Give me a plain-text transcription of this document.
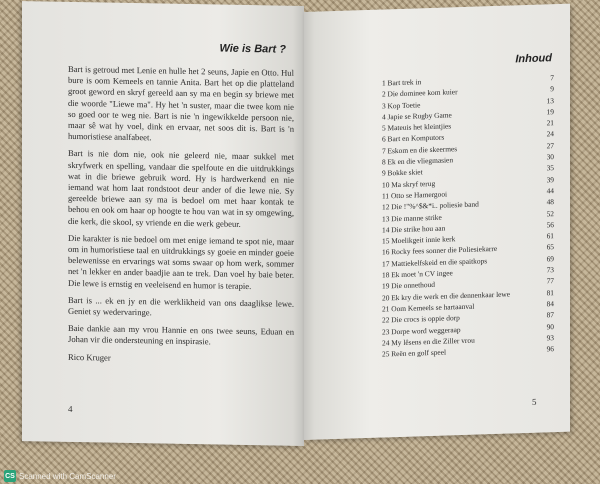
Wie is Bart ?

Bart is getroud met Lenie en hulle het 2 seuns, Japie en Otto. Hul bure is oom Kemeels en tannie Anita. Bart het op die platteland groot geword en skryf gereeld aan sy ma en begin sy briewe met die woorde "Liewe ma". Hy het 'n suster, maar die twee kom nie so goed oor te weg nie. Bart is nie 'n ingewikkelde persoon nie, maar sê wat hy voel, dink en ervaar, net soos dit is. Bart is 'n humoristiese analfabeet.

Bart is nie dom nie, ook nie geleerd nie, maar sukkel met skryfwerk en spelling, vandaar die spelfoute en die uitdrukkings wat in die briewe gebruik word. Hy is hardwerkend en nie iemand wat hom laat rondstoot deur ander of die lewe nie. Sy gereelde briewe aan sy ma is bedoel om met haar kontak te behou en ook om haar op hoogte te hou van wat in sy omgewing, die kerk, die skool, sy vriende en die werk gebeur.

Die karakter is nie bedoel om met enige iemand te spot nie, maar om in humoristiese taal en uitdrukkings sy goeie en minder goeie belewenisse en ervarings wat soms swaar op hom werk, sommer net 'n lekker en ander baadjie aan te trek. Dan voel hy baie beter. Die lewe is ernstig en veeleisend en humor is terapie.

Bart is ... ek en jy en die werklikheid van ons daaglikse lewe. Geniet sy wedervaringe.

Baie dankie aan my vrou Hannie en ons twee seuns, Eduan en Johan vir die ondersteuning en inspirasie.

Rico Kruger

4
Inhoud
1 Bart trek in	7
2 Die dominee kom kuier	9
3 Kop Toetie	13
4 Japie se Rugby Game	19
5 Mateuis het kleintjies	21
6 Bart en Komputors	24
7 Eskom en die skeermes	27
8 Ek en die vliegmasien	30
9 Bokke skiet	35
10 Ma skryf terug	39
11 Otto se Hamergooi	44
12 Die !"%^$&*i.. poliesie band	48
13 Die manne strike	52
14 Die strike hou aan	56
15 Moelikgeit innie kerk	61
16 Rocky fees sonner die Poliesiekarre	65
17 Mattiekelfskeid en die spaitkops	69
18 Ek moet 'n CV ingee	73
19 Die onnethoud	77
20 Ek kry die werk en die dennenkaar lewe	81
21 Oom Kemeels se hartaanval	84
22 Die crocs is oppie dorp	87
23 Dorpe word weggeraap	90
24 My lêsens en die Ziller vrou	93
25 Reën en golf speel	96
5
CS Scanned with CamScanner
